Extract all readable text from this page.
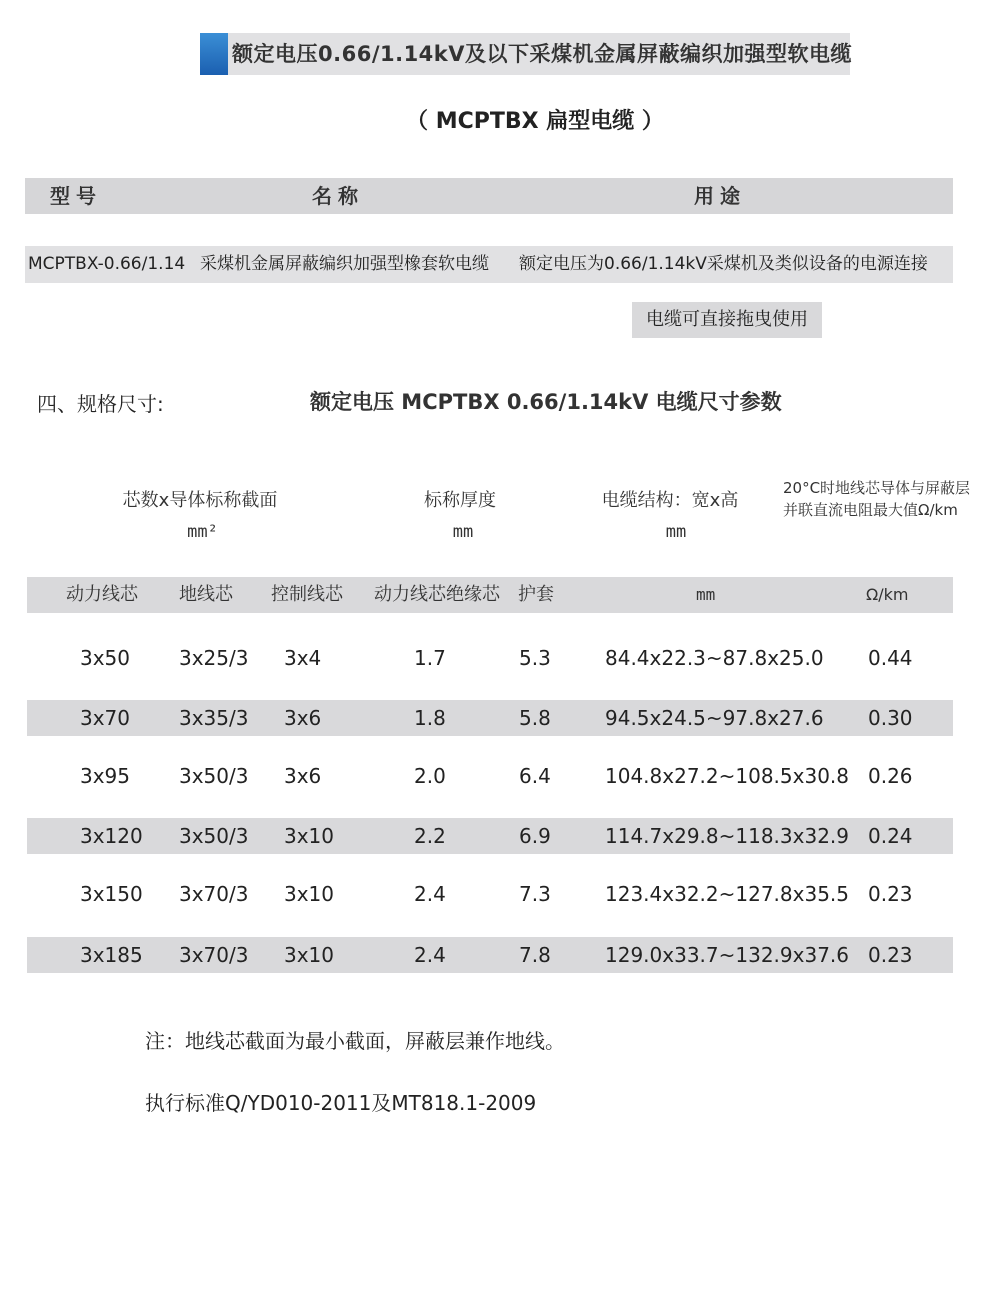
额定电压0.66/1.14kV及以下采煤机金属屏蔽编织加强型软电缆
（ MCPTBX 扁型电缆 ）
型号	名称	用途
MCPTBX-0.66/1.14 采煤机金属屏蔽编织加强型橡套软电缆 额定电压为0.66/1.14kV采煤机及类似设备的电源连接
电缆可直接拖曳使用
四、规格尺寸:	额定电压 MCPTBX 0.66/1.14kV 电缆尺寸参数
芯数x导体标称截面
mm²
标称厚度
mm
电缆结构：宽x高
mm
20°C时地线芯导体与屏蔽层
并联直流电阻最大值Ω/km
动力线芯 地线芯 控制线芯 动力线芯绝缘芯 护套	mm	Ω/km
3x50 3x25/3 3x4	1.7	5.3	84.4x22.3~87.8x25.0 0.44
3x70 3x35/3 3x6	1.8	5.8	94.5x24.5~97.8x27.6 0.30
3x95 3x50/3 3x6	2.0	6.4	104.8x27.2~108.5x30.8 0.26
3x120 3x50/3 3x10	2.2	6.9	114.7x29.8~118.3x32.9 0.24
3x150 3x70/3 3x10	2.4	7.3	123.4x32.2~127.8x35.5 0.23
3x185 3x70/3 3x10	2.4	7.8	129.0x33.7~132.9x37.6 0.23
注：地线芯截面为最小截面，屏蔽层兼作地线。
执行标准Q/YD010-2011及MT818.1-2009
